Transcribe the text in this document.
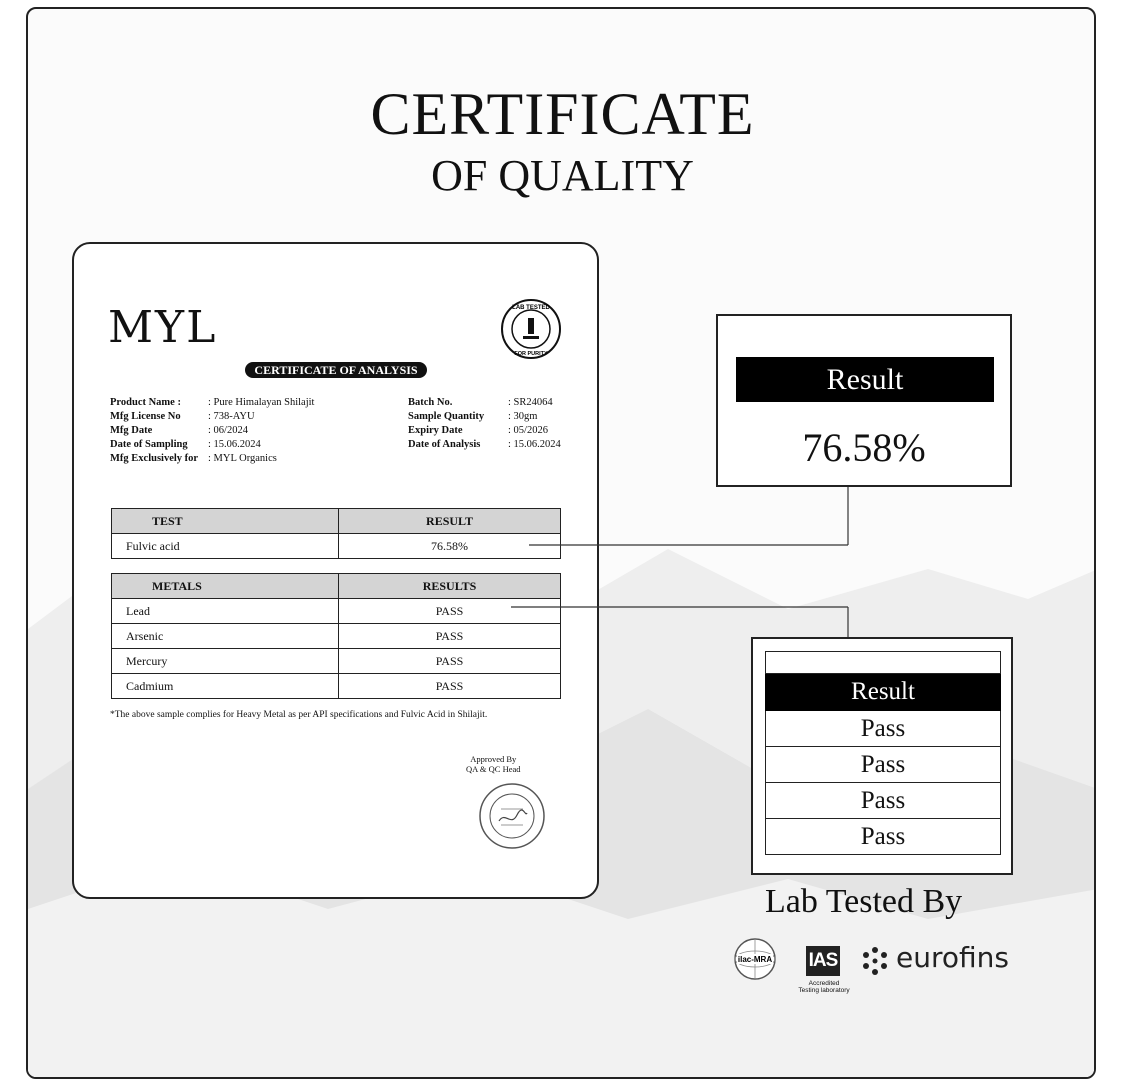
CERTIFICATE
OF QUALITY
MYL	LAB TESTED
FOR PURITY
CERTIFICATE OF ANALYSIS
Product Name :	: Pure Himalayan Shilajit
Mfg License No	: 738-AYU
Mfg Date	: 06/2024
Date of Sampling : 15.06.2024
Mfg Exclusively for : MYL Organics
Batch No.	: SR24064
Sample Quantity : 30gm
Expiry Date	: 05/2026
Date of Analysis	: 15.06.2024
TEST	RESULT
Fulvic acid	76.58%
METALS	RESULTS
Lead	PASS
Arsenic	PASS
Mercury	PASS
Cadmium	PASS
*The above sample complies for Heavy Metal as per API specifications and Fulvic Acid in Shilajit.
Approved By
QA & QC Head
Result
76.58%
Result
Pass
Pass
Pass
Pass
Lab Tested By
ilac-MRA IAS
Accredited
Testing laboratory
eurofins
